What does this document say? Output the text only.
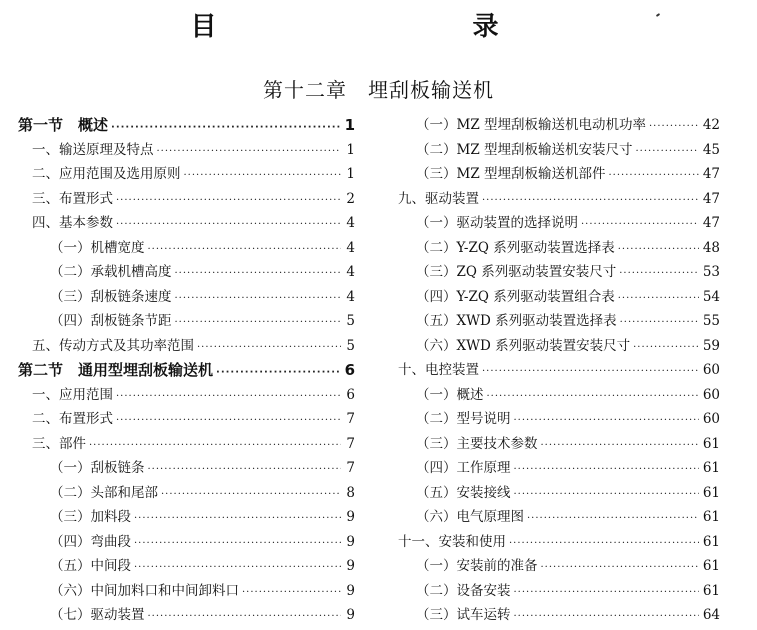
目　　录
第十二章　埋刮板输送机
第一节　概述 ·····	1
一、输送原理及特点 ·····	1
二、应用范围及选用原则 ·····	1
三、布置形式 ·····	2
四、基本参数 ·····	4
（一）机槽宽度 ·····	4
（二）承载机槽高度 ·····	4
（三）刮板链条速度 ·····	4
（四）刮板链条节距 ·····	5
五、传动方式及其功率范围 ·····	5
第二节　通用型埋刮板输送机 ·····	6
一、应用范围 ·····	6
二、布置形式 ·····	7
三、部件 ·····	7
（一）刮板链条 ·····	7
（二）头部和尾部 ·····	8
（三）加料段 ·····	9
（四）弯曲段 ·····	9
（五）中间段 ·····	9
（六）中间加料口和中间卸料口 ·····	9
（七）驱动装置 ·····	9
（一）MZ 型埋刮板输送机电动机功率 ·····	42
（二）MZ 型埋刮板输送机安装尺寸 ·····	45
（三）MZ 型埋刮板输送机部件 ·····	47
九、驱动装置 ·····	47
（一）驱动装置的选择说明 ·····	47
（二）Y-ZQ 系列驱动装置选择表 ·····	48
（三）ZQ 系列驱动装置安装尺寸 ·····	53
（四）Y-ZQ 系列驱动装置组合表 ·····	54
（五）XWD 系列驱动装置选择表 ·····	55
（六）XWD 系列驱动装置安装尺寸 ·····	59
十、电控装置 ·····	60
（一）概述 ·····	60
（二）型号说明 ·····	60
（三）主要技术参数 ·····	61
（四）工作原理 ·····	61
（五）安装接线 ·····	61
（六）电气原理图 ·····	61
十一、安装和使用 ·····	61
（一）安装前的准备 ·····	61
（二）设备安装 ·····	61
（三）试车运转 ·····	64
